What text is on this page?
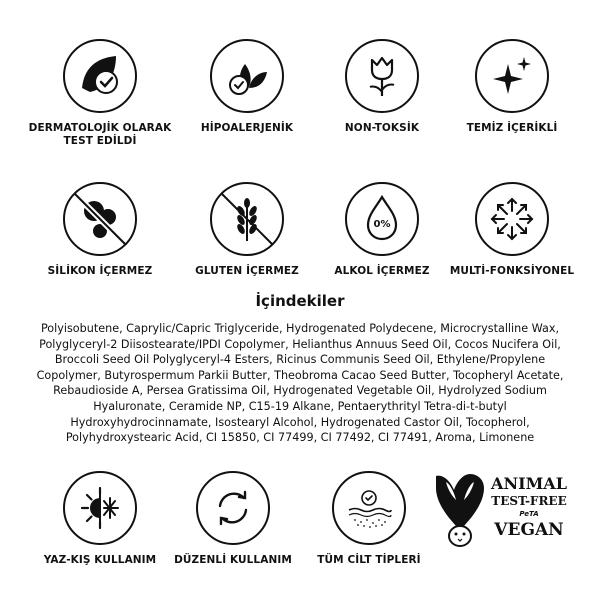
DERMATOLOJİK OLARAK
TEST EDİLDİ
HİPOALERJENİK	NON-TOKSİK	TEMİZ İÇERİKLİ
SİLİKON İÇERMEZ	GLUTEN İÇERMEZ
0%
ALKOL İÇERMEZ	MULTİ-FONKSİYONEL
İçindekiler
Polyisobutene, Caprylic/Capric Triglyceride, Hydrogenated Polydecene, Microcrystalline Wax, Polyglyceryl-2 Diisostearate/IPDI Copolymer, Helianthus Annuus Seed Oil, Cocos Nucifera Oil, Broccoli Seed Oil Polyglyceryl-4 Esters, Ricinus Communis Seed Oil, Ethylene/Propylene Copolymer, Butyrospermum Parkii Butter, Theobroma Cacao Seed Butter, Tocopheryl Acetate, Rebaudioside A, Persea Gratissima Oil, Hydrogenated Vegetable Oil, Hydrolyzed Sodium Hyaluronate, Ceramide NP, C15-19 Alkane, Pentaerythrityl Tetra-di-t-butyl Hydroxyhydrocinnamate, Isostearyl Alcohol, Hydrogenated Castor Oil, Tocopherol, Polyhydroxystearic Acid, CI 15850, CI 77499, CI 77492, CI 77491, Aroma, Limonene
YAZ-KIŞ KULLANIM	DÜZENLİ KULLANIM	TÜM CİLT TİPLERİ
ANIMAL
TEST-FREE
PeTA
VEGAN
